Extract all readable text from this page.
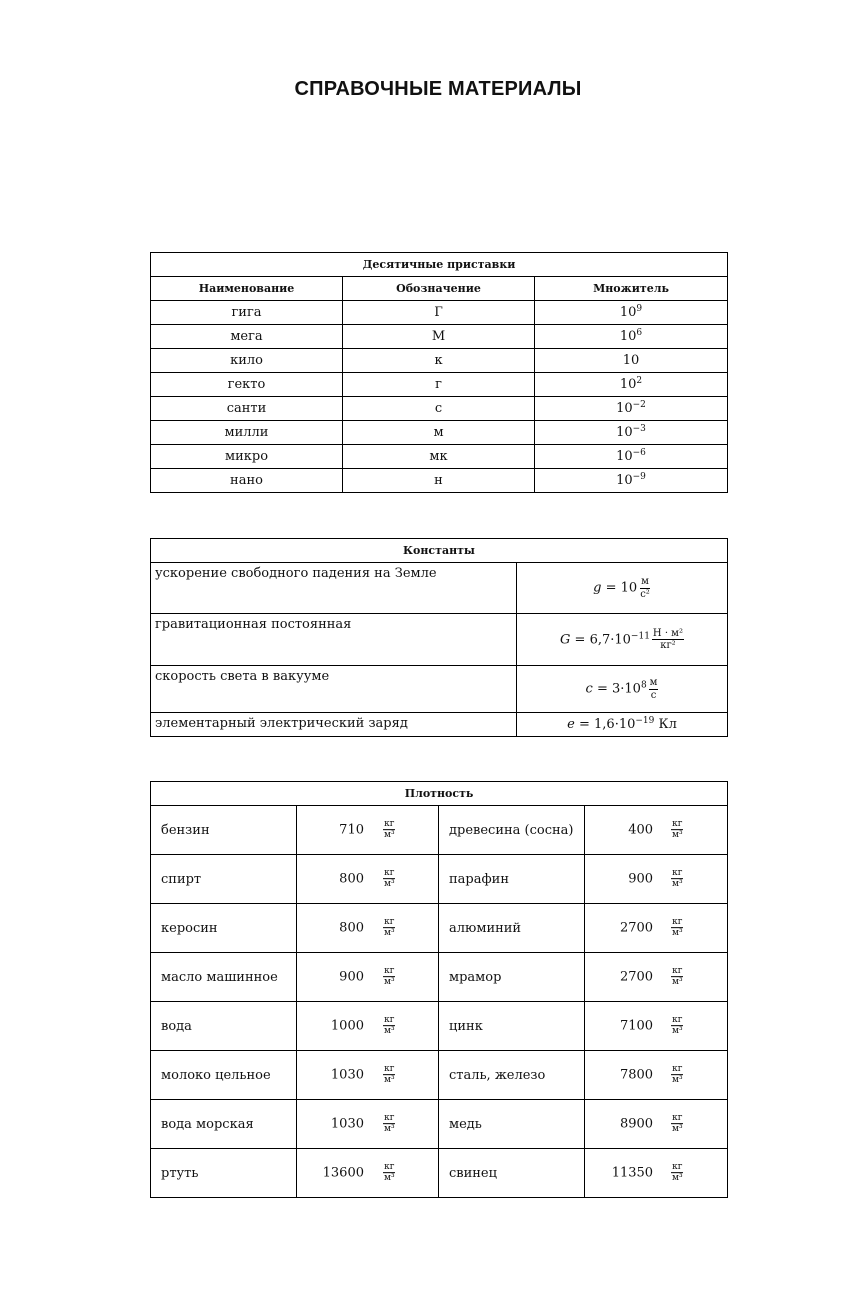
СПРАВОЧНЫЕ МАТЕРИАЛЫ
Десятичные приставки		
Наименование	Обозначение	Множитель
гига	Г	$10^9$
мега	М	$10^6$
кило	к	10
гекто	г	$10^2$
санти	с	$10^{-2}$
милли	м	$10^{-3}$
микро	мк	$10^{-6}$
нано	н	$10^{-9}$
Константы	
ускорение свободного падения на Земле	$g = 10 \frac{м}{\text{с²}}$

гравитационная постоянная	$G = 6,7\cdot 10^{-11} \frac{\text{Н · м²}}{\text{кг²}}$

скорость света в вакууме	$c = 3\cdot 10^8 \frac{м}{с}$

элементарный электрический заряд	$e = 1,6\cdot 10^{-19}$ Кл
Плотность			
бензин	$710 \frac{кг}{\text{м³}}$	древесина (сосна)	$400 \frac{кг}{\text{м³}}$

спирт	$800 \frac{кг}{\text{м³}}$	парафин	$900 \frac{кг}{\text{м³}}$

керосин	$800 \frac{кг}{\text{м³}}$	алюминий	$2700 \frac{кг}{\text{м³}}$

масло машинное	$900 \frac{кг}{\text{м³}}$	мрамор	$2700 \frac{кг}{\text{м³}}$

вода	$1000 \frac{кг}{\text{м³}}$	цинк	$7100 \frac{кг}{\text{м³}}$

молоко цельное	$1030 \frac{кг}{\text{м³}}$	сталь, железо	$7800 \frac{кг}{\text{м³}}$

вода морская	$1030 \frac{кг}{\text{м³}}$	медь	$8900 \frac{кг}{\text{м³}}$

ртуть	$13600 \frac{кг}{\text{м³}}$	свинец	$11350 \frac{кг}{\text{м³}}$
